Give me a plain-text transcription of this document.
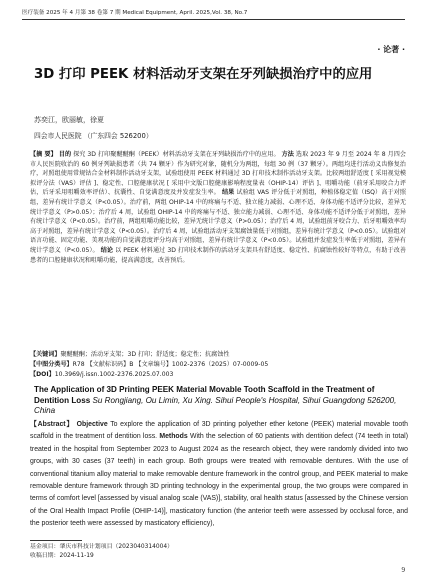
医疗装备 2025 年 4 月第 38 卷第 7 期 Medical Equipment, April. 2025,Vol. 38, No.7
· 论著 ·
3D 打印 PEEK 材料活动牙支架在牙列缺损治疗中的应用
苏奕江，欧丽敏，徐夏
四会市人民医院 （广东四会 526200）
【摘 要】 目的 探究 3D 打印聚醚醚酮（PEEK）材料活动牙支架在牙列缺损治疗中的应用。 方法 选取 2023 年 9 月至 2024 年 8 月四会市人民医院收治的 60 例牙列缺损患者（共 74 颗牙）作为研究对象，随机分为两组，每组 30 例（37 颗牙）。两组均进行活动义齿修复治疗，对照组使用常规钴合金材料制作活动牙支架，试验组使用 PEEK 材料通过 3D 打印技术制作活动牙支架。比较两组舒适度 [ 采用视觉模拟评分法（VAS）评估 ]、稳定性、口腔健康状况 [ 采用中文版口腔健康影响程度量表（OHIP-14）评估 ]、咀嚼功能（前牙采用咬合力评估，后牙采用咀嚼效率评估）、抗囊性、自觉满意度及并发症发生率。 结果 试验组 VAS 评分低于对照组，种植体稳定值（ISQ）高于对照组，差异有统计学意义（P<0.05）。治疗前，两组 OHIP-14 中的疼痛与不适、独立能力减弱、心理不适、身体功能不适评分比较，差异无统计学意义（P>0.05）；治疗后 4 周，试验组 OHIP-14 中的疼痛与不适、独立能力减弱、心理不适、身体功能不适评分低于对照组，差异有统计学意义（P<0.05）。治疗前，两组咀嚼功能比较，差异无统计学意义（P>0.05）；治疗后 4 周，试验组前牙咬合力、后牙咀嚼效率均高于对照组，差异有统计学意义（P<0.05）。治疗后 4 周，试验组活动牙支架腐蚀量低于对照组，差异有统计学意义（P<0.05）。试验组对语言功能、固定功能、美观功能的自觉满意度评分均高于对照组，差异有统计学意义（P<0.05）。试验组并发症发生率低于对照组，差异有统计学意义（P<0.05）。 结论 以 PEEK 材料通过 3D 打印技术制作的活动牙支架具有舒适度、稳定性、抗腐蚀性较好等特点，有助于改善患者的口腔健康状况和咀嚼功能，提高满意度，改善预后。
【关键词】聚醚醚酮；活动牙支架；3D 打印；舒适度；稳定性；抗腐蚀性
【中图分类号】R78 【文献标识码】B 【文章编号】1002-2376（2025）07-0009-05
【DOI】10.3969/j.issn.1002-2376.2025.07.003
The Application of 3D Printing PEEK Material Movable Tooth Scaffold in the Treatment of Dentition Loss Su Rongjiang, Ou Limin, Xu Xing. Sihui People's Hospital, Sihui Guangdong 526200, China
【Abstract】 Objective To explore the application of 3D printing polyether ether ketone (PEEK) material movable tooth scaffold in the treatment of dentition loss. Methods With the selection of 60 patients with dentition defect (74 teeth in total) treated in the hospital from September 2023 to August 2024 as the research object, they were randomly divided into two groups, with 30 cases (37 teeth) in each group. Both groups were treated with removable dentures. With the use of conventional titanium alloy material to make removable denture framework in the control group, and PEEK material to make removable denture framework through 3D printing technology in the experimental group, the two groups were compared in terms of comfort level [assessed by visual analog scale (VAS)], stability, oral health status [assessed by the Chinese version of the Oral Health Impact Profile (OHIP-14)], masticatory function (the anterior teeth were assessed by occlusal force, and the posterior teeth were assessed by masticatory efficiency),
基金项目：肇庆市科技计划项目（2023040314004）
收稿日期：2024-11-19
9
